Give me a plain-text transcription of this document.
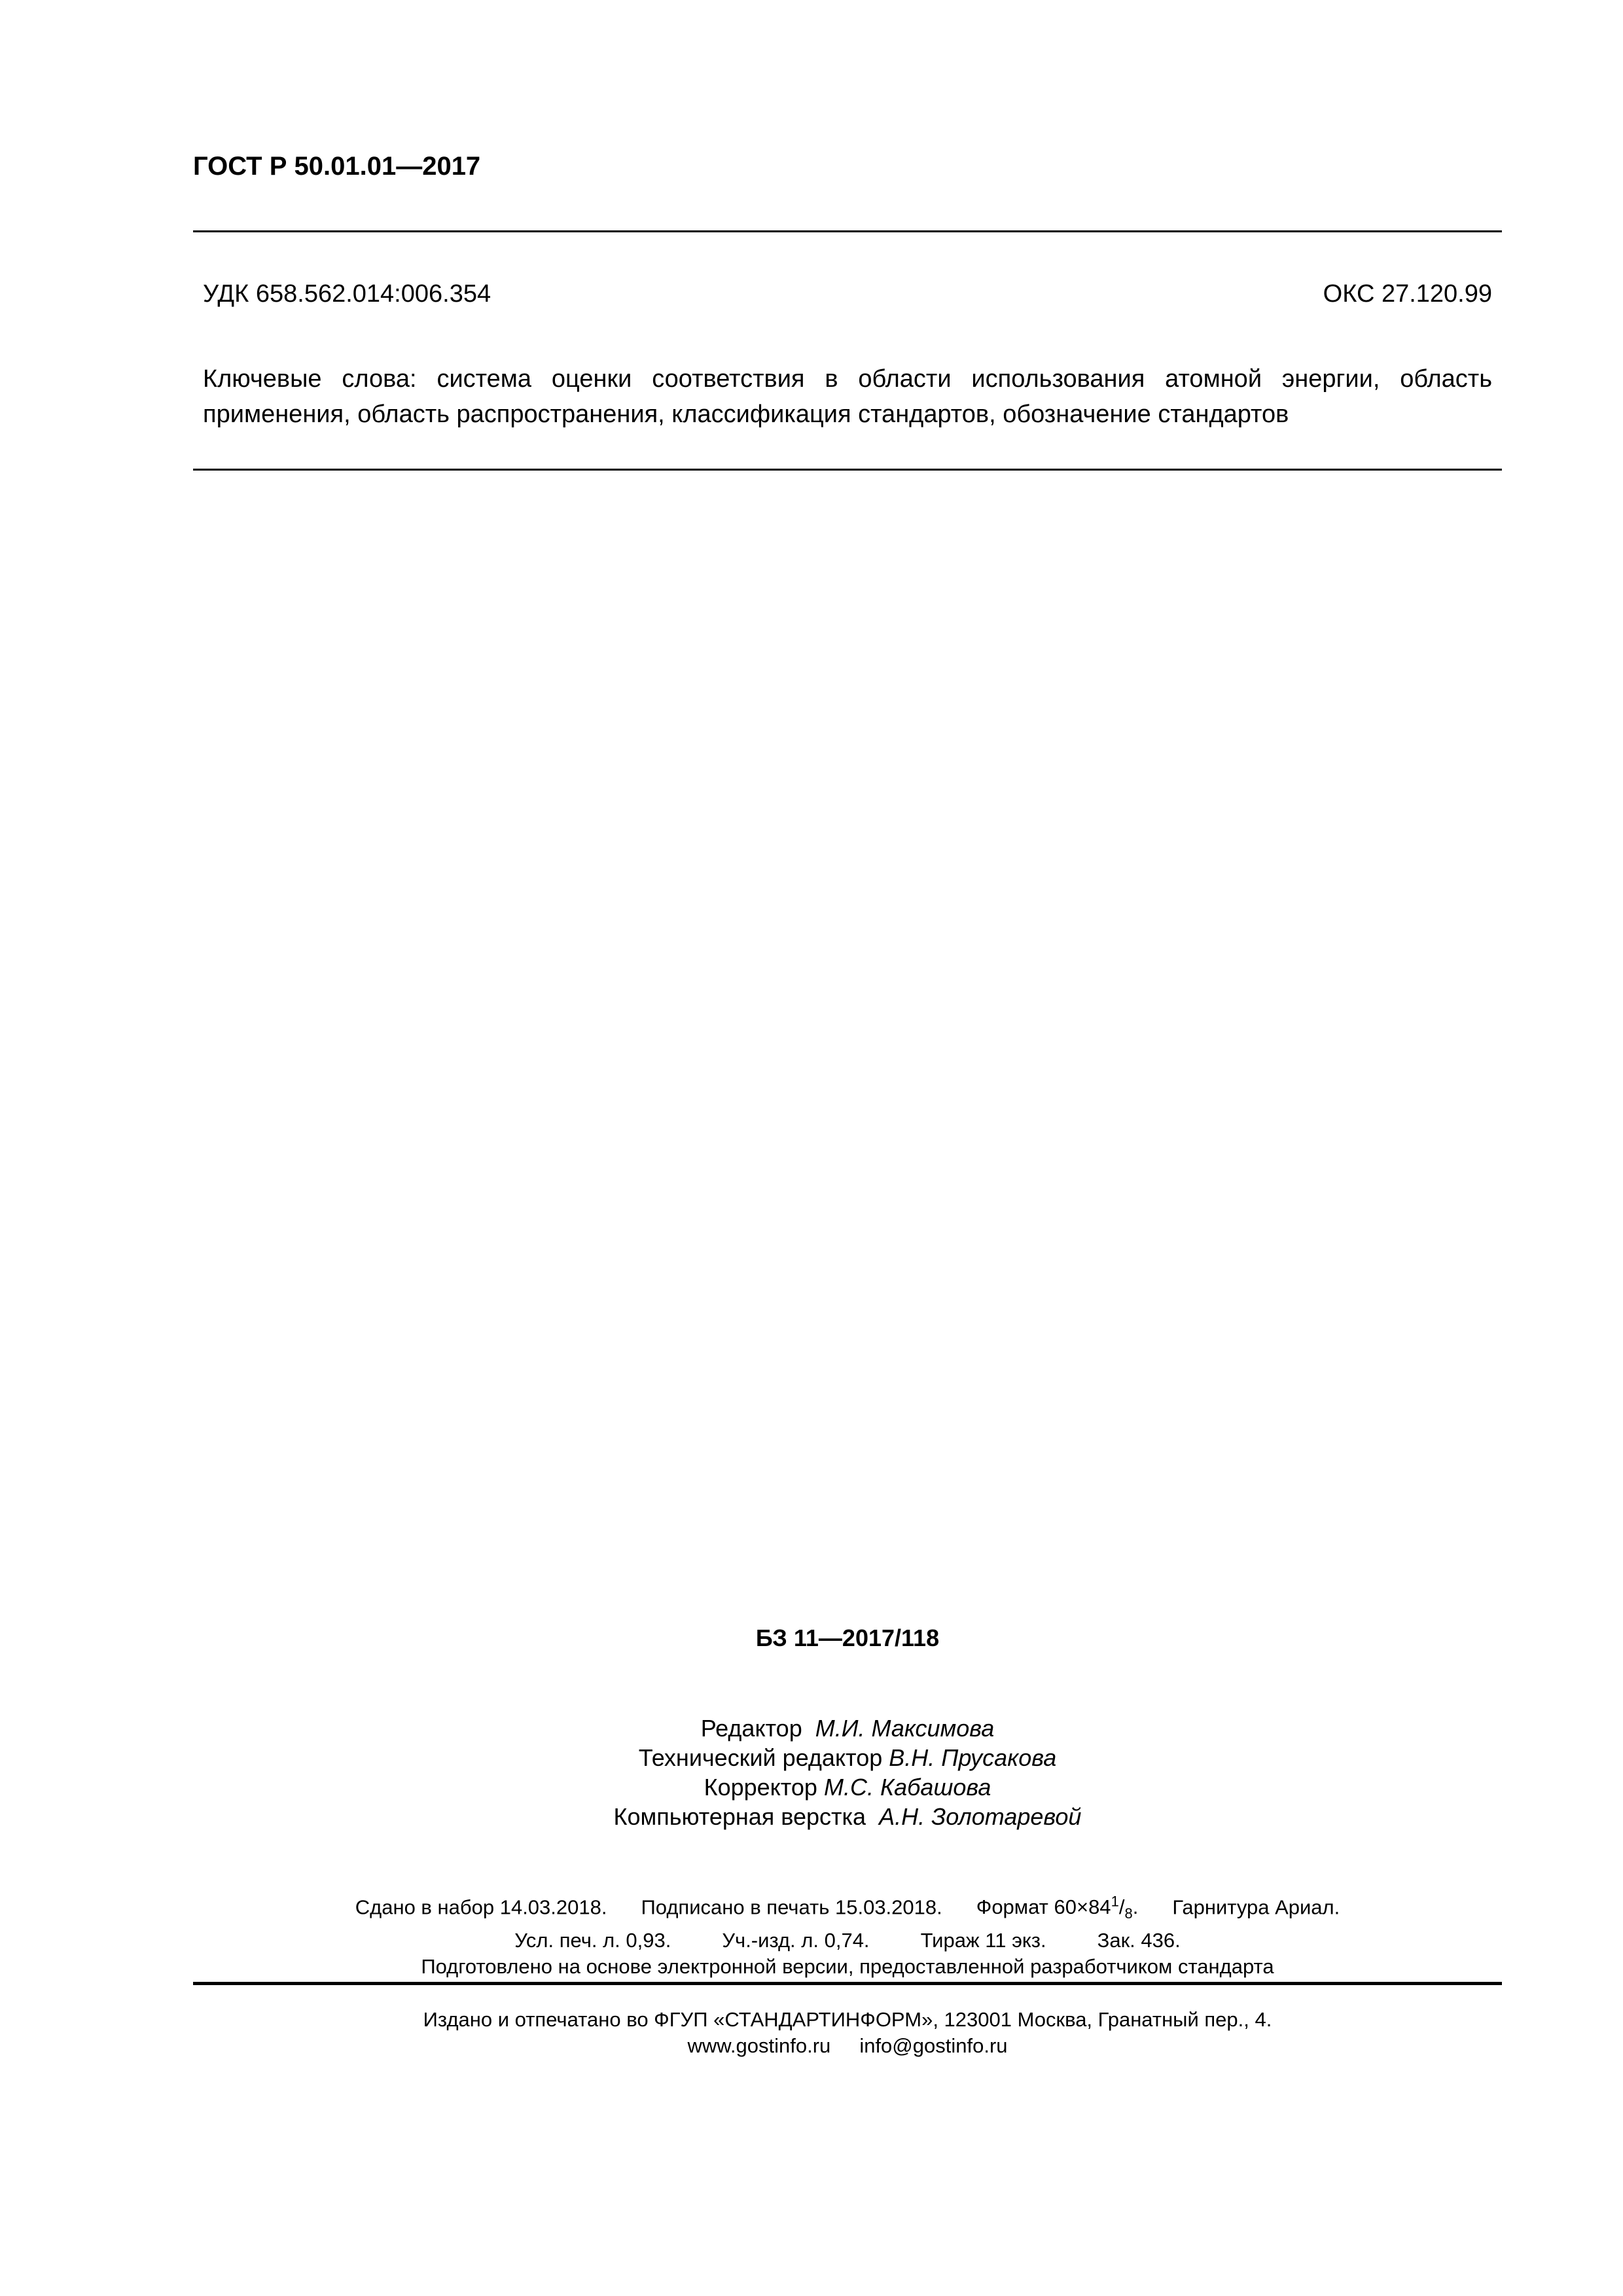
ГОСТ Р 50.01.01—2017
УДК 658.562.014:006.354	ОКС 27.120.99
Ключевые слова: система оценки соответствия в области использования атомной энергии, область
применения, область распространения, классификация стандартов, обозначение стандартов
БЗ 11—2017/118
Редактор М.И. Максимова
Технический редактор В.Н. Прусакова
Корректор М.С. Кабашова
Компьютерная верстка А.Н. Золотаревой
Сдано в набор 14.03.2018. Подписано в печать 15.03.2018. Формат $60\times 84^1/_8$. Гарнитура Ариал.
Усл. печ. л. 0,93.	Уч.-изд. л. 0,74.	Тираж 11 экз.	Зак. 436.
Подготовлено на основе электронной версии, предоставленной разработчиком стандарта
Издано и отпечатано во ФГУП «СТАНДАРТИНФОРМ», 123001 Москва, Гранатный пер., 4.
www.gostinfo.ru info@gostinfo.ru
